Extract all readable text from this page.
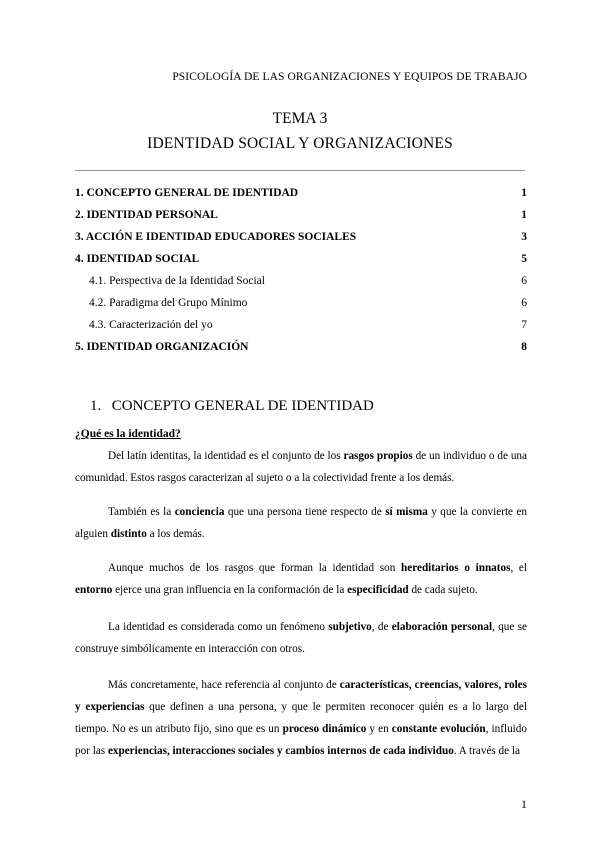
PSICOLOGÍA DE LAS ORGANIZACIONES Y EQUIPOS DE TRABAJO
TEMA 3
IDENTIDAD SOCIAL Y ORGANIZACIONES
1. CONCEPTO GENERAL DE IDENTIDAD	1
2. IDENTIDAD PERSONAL	1
3. ACCIÓN E IDENTIDAD EDUCADORES SOCIALES	3
4. IDENTIDAD SOCIAL	5
4.1. Perspectiva de la Identidad Social	6
4.2. Paradigma del Grupo Mínimo	6
4.3. Caracterización del yo	7
5. IDENTIDAD ORGANIZACIÓN	8
1. CONCEPTO GENERAL DE IDENTIDAD
¿Qué es la identidad?

Del latín identitas, la identidad es el conjunto de los rasgos propios de un individuo o de una comunidad. Estos rasgos caracterizan al sujeto o a la colectividad frente a los demás.

También es la conciencia que una persona tiene respecto de sí misma y que la convierte en alguien distinto a los demás.

Aunque muchos de los rasgos que forman la identidad son hereditarios o innatos, el entorno ejerce una gran influencia en la conformación de la especificidad de cada sujeto.

La identidad es considerada como un fenómeno subjetivo, de elaboración personal, que se construye simbólicamente en interacción con otros.

Más concretamente, hace referencia al conjunto de características, creencias, valores, roles y experiencias que definen a una persona, y que le permiten reconocer quién es a lo largo del tiempo. No es un atributo fijo, sino que es un proceso dinámico y en constante evolución, influido por las experiencias, interacciones sociales y cambios internos de cada individuo. A través de la

1
